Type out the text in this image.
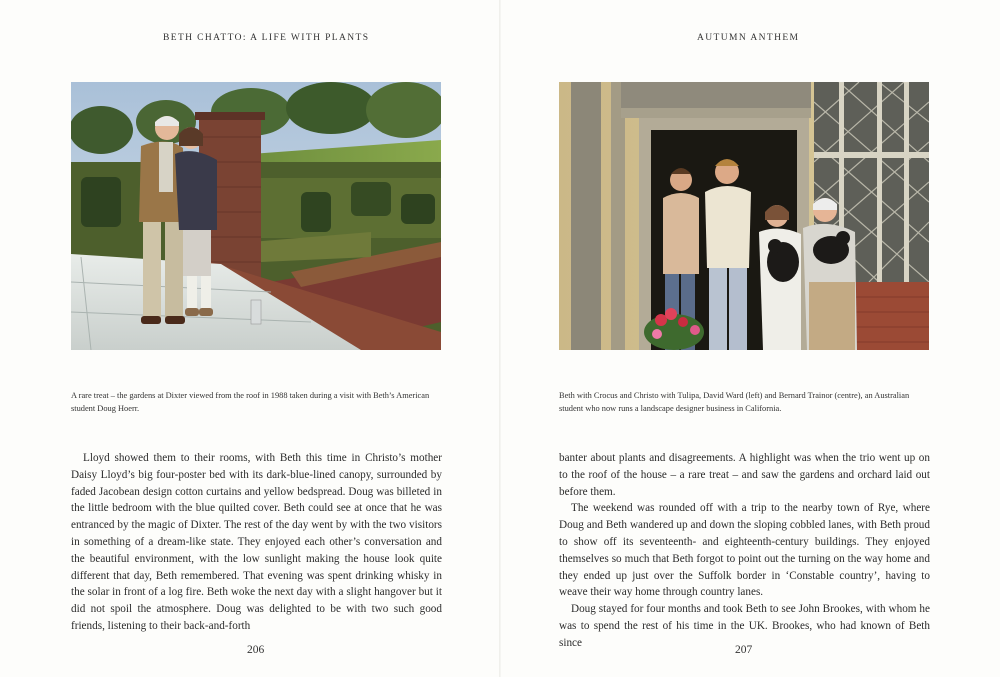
BETH CHATTO: A LIFE WITH PLANTS
A rare treat – the gardens at Dixter viewed from the roof in 1988 taken during a visit with Beth’s American student Doug Hoerr.

Lloyd showed them to their rooms, with Beth this time in Christo’s mother Daisy Lloyd’s big four-poster bed with its dark-blue-lined canopy, surrounded by faded Jacobean design cotton curtains and yellow bedspread. Doug was billeted in the little bedroom with the blue quilted cover. Beth could see at once that he was entranced by the magic of Dixter. The rest of the day went by with the two visitors in something of a dream-like state. They enjoyed each other’s conversation and the beautiful environment, with the low sunlight making the house look quite different that day, Beth remembered. That evening was spent drinking whisky in the solar in front of a log fire. Beth woke the next day with a slight hangover but it did not spoil the atmosphere. Doug was delighted to be with two such good friends, listening to their back-and-forth

206
AUTUMN ANTHEM
Beth with Crocus and Christo with Tulipa, David Ward (left) and Bernard Trainor (centre), an Australian student who now runs a landscape designer business in California.

banter about plants and disagreements. A highlight was when the trio went up on to the roof of the house – a rare treat – and saw the gardens and orchard laid out before them.

The weekend was rounded off with a trip to the nearby town of Rye, where Doug and Beth wandered up and down the sloping cobbled lanes, with Beth proud to show off its seventeenth- and eighteenth-century buildings. They enjoyed themselves so much that Beth forgot to point out the turning on the way home and they ended up just over the Suffolk border in ‘Constable country’, having to weave their way home through country lanes.

Doug stayed for four months and took Beth to see John Brookes, with whom he was to spend the rest of his time in the UK. Brookes, who had known of Beth since

207
